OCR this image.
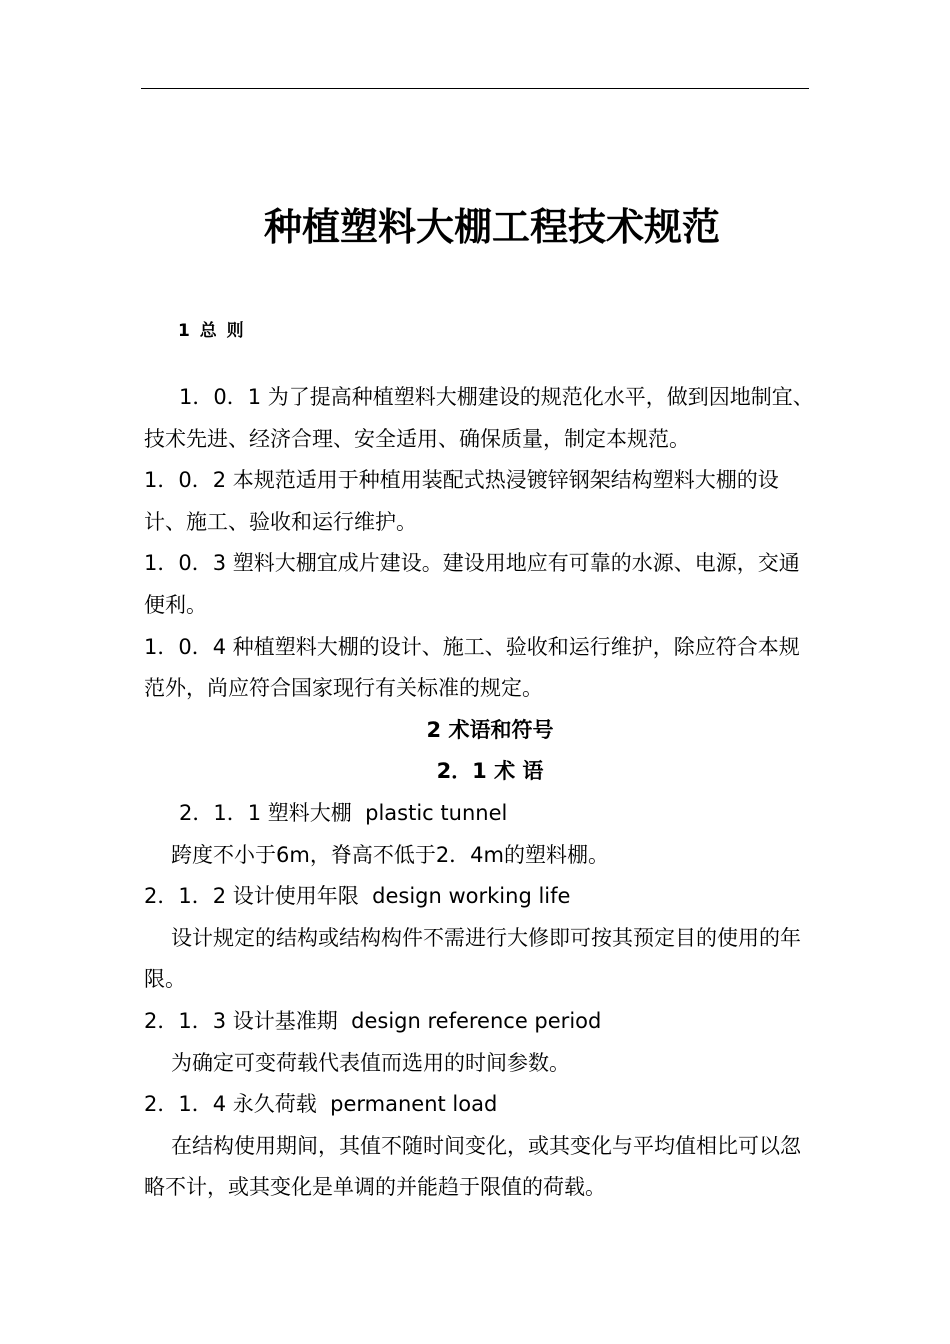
种植塑料大棚工程技术规范

1 总 则

1．0．1 为了提高种植塑料大棚建设的规范化水平，做到因地制宜、技术先进、经济合理、安全适用、确保质量，制定本规范。

1．0．2 本规范适用于种植用装配式热浸镀锌钢架结构塑料大棚的设计、施工、验收和运行维护。

1．0．3 塑料大棚宜成片建设。建设用地应有可靠的水源、电源，交通便利。

1．0．4 种植塑料大棚的设计、施工、验收和运行维护，除应符合本规范外，尚应符合国家现行有关标准的规定。

2 术语和符号

2．1 术 语

2．1．1 塑料大棚 plastic tunnel

跨度不小于6m，脊高不低于2．4m的塑料棚。

2．1．2 设计使用年限 design working life

设计规定的结构或结构构件不需进行大修即可按其预定目的使用的年限。

2．1．3 设计基准期 design reference period

为确定可变荷载代表值而选用的时间参数。

2．1．4 永久荷载 permanent load

在结构使用期间，其值不随时间变化，或其变化与平均值相比可以忽略不计，或其变化是单调的并能趋于限值的荷载。
